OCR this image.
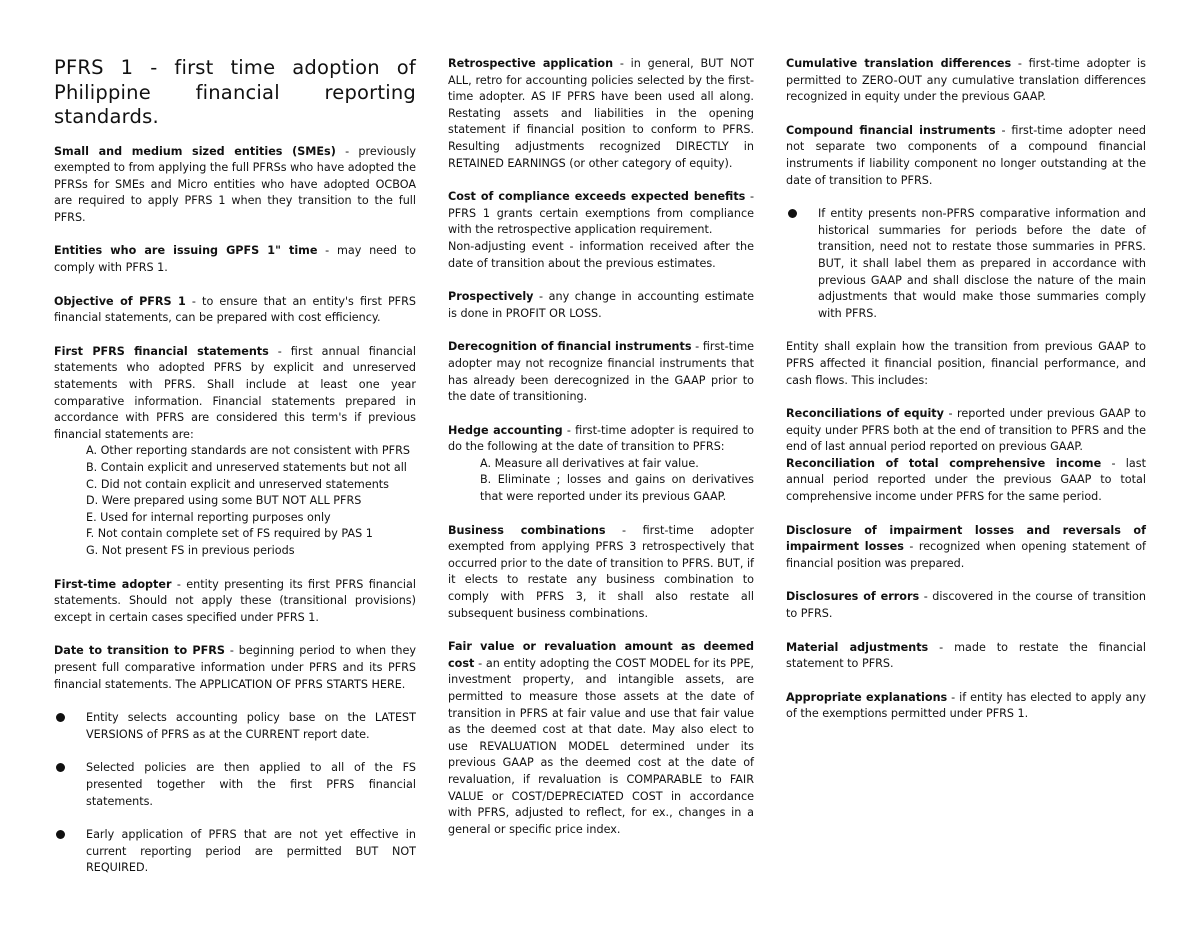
PFRS 1 - first time adoption of Philippine financial reporting standards.

Small and medium sized entities (SMEs) - previously exempted to from applying the full PFRSs who have adopted the PFRSs for SMEs and Micro entities who have adopted OCBOA are required to apply PFRS 1 when they transition to the full PFRS.

Entities who are issuing GPFS 1" time - may need to comply with PFRS 1.

Objective of PFRS 1 - to ensure that an entity's first PFRS financial statements, can be prepared with cost efficiency.

First PFRS financial statements - first annual financial statements who adopted PFRS by explicit and unreserved statements with PFRS. Shall include at least one year comparative information. Financial statements prepared in accordance with PFRS are considered this term's if previous financial statements are:

A. Other reporting standards are not consistent with PFRS
B. Contain explicit and unreserved statements but not all
C. Did not contain explicit and unreserved statements
D. Were prepared using some BUT NOT ALL PFRS
E. Used for internal reporting purposes only
F. Not contain complete set of FS required by PAS 1
G. Not present FS in previous periods

First-time adopter - entity presenting its first PFRS financial statements. Should not apply these (transitional provisions) except in certain cases specified under PFRS 1.

Date to transition to PFRS - beginning period to when they present full comparative information under PFRS and its PFRS financial statements. The APPLICATION OF PFRS STARTS HERE.

Entity selects accounting policy base on the LATEST VERSIONS of PFRS as at the CURRENT report date.
Selected policies are then applied to all of the FS presented together with the first PFRS financial statements.
Early application of PFRS that are not yet effective in current reporting period are permitted BUT NOT REQUIRED.

Retrospective application - in general, BUT NOT ALL, retro for accounting policies selected by the first-time adopter. AS IF PFRS have been used all along. Restating assets and liabilities in the opening statement if financial position to conform to PFRS. Resulting adjustments recognized DIRECTLY in RETAINED EARNINGS (or other category of equity).

Cost of compliance exceeds expected benefits - PFRS 1 grants certain exemptions from compliance with the retrospective application requirement.

Non-adjusting event - information received after the date of transition about the previous estimates.

Prospectively - any change in accounting estimate is done in PROFIT OR LOSS.

Derecognition of financial instruments - first-time adopter may not recognize financial instruments that has already been derecognized in the GAAP prior to the date of transitioning.

Hedge accounting - first-time adopter is required to do the following at the date of transition to PFRS:

A. Measure all derivatives at fair value.
B. Eliminate ; losses and gains on derivatives that were reported under its previous GAAP.

Business combinations - first-time adopter exempted from applying PFRS 3 retrospectively that occurred prior to the date of transition to PFRS. BUT, if it elects to restate any business combination to comply with PFRS 3, it shall also restate all subsequent business combinations.

Fair value or revaluation amount as deemed cost - an entity adopting the COST MODEL for its PPE, investment property, and intangible assets, are permitted to measure those assets at the date of transition in PFRS at fair value and use that fair value as the deemed cost at that date. May also elect to use REVALUATION MODEL determined under its previous GAAP as the deemed cost at the date of revaluation, if revaluation is COMPARABLE to FAIR VALUE or COST/DEPRECIATED COST in accordance with PFRS, adjusted to reflect, for ex., changes in a general or specific price index.

Cumulative translation differences - first-time adopter is permitted to ZERO-OUT any cumulative translation differences recognized in equity under the previous GAAP.

Compound financial instruments - first-time adopter need not separate two components of a compound financial instruments if liability component no longer outstanding at the date of transition to PFRS.

If entity presents non-PFRS comparative information and historical summaries for periods before the date of transition, need not to restate those summaries in PFRS. BUT, it shall label them as prepared in accordance with previous GAAP and shall disclose the nature of the main adjustments that would make those summaries comply with PFRS.

Entity shall explain how the transition from previous GAAP to PFRS affected it financial position, financial performance, and cash flows. This includes:

Reconciliations of equity - reported under previous GAAP to equity under PFRS both at the end of transition to PFRS and the end of last annual period reported on previous GAAP.

Reconciliation of total comprehensive income - last annual period reported under the previous GAAP to total comprehensive income under PFRS for the same period.

Disclosure of impairment losses and reversals of impairment losses - recognized when opening statement of financial position was prepared.

Disclosures of errors - discovered in the course of transition to PFRS.

Material adjustments - made to restate the financial statement to PFRS.

Appropriate explanations - if entity has elected to apply any of the exemptions permitted under PFRS 1.
